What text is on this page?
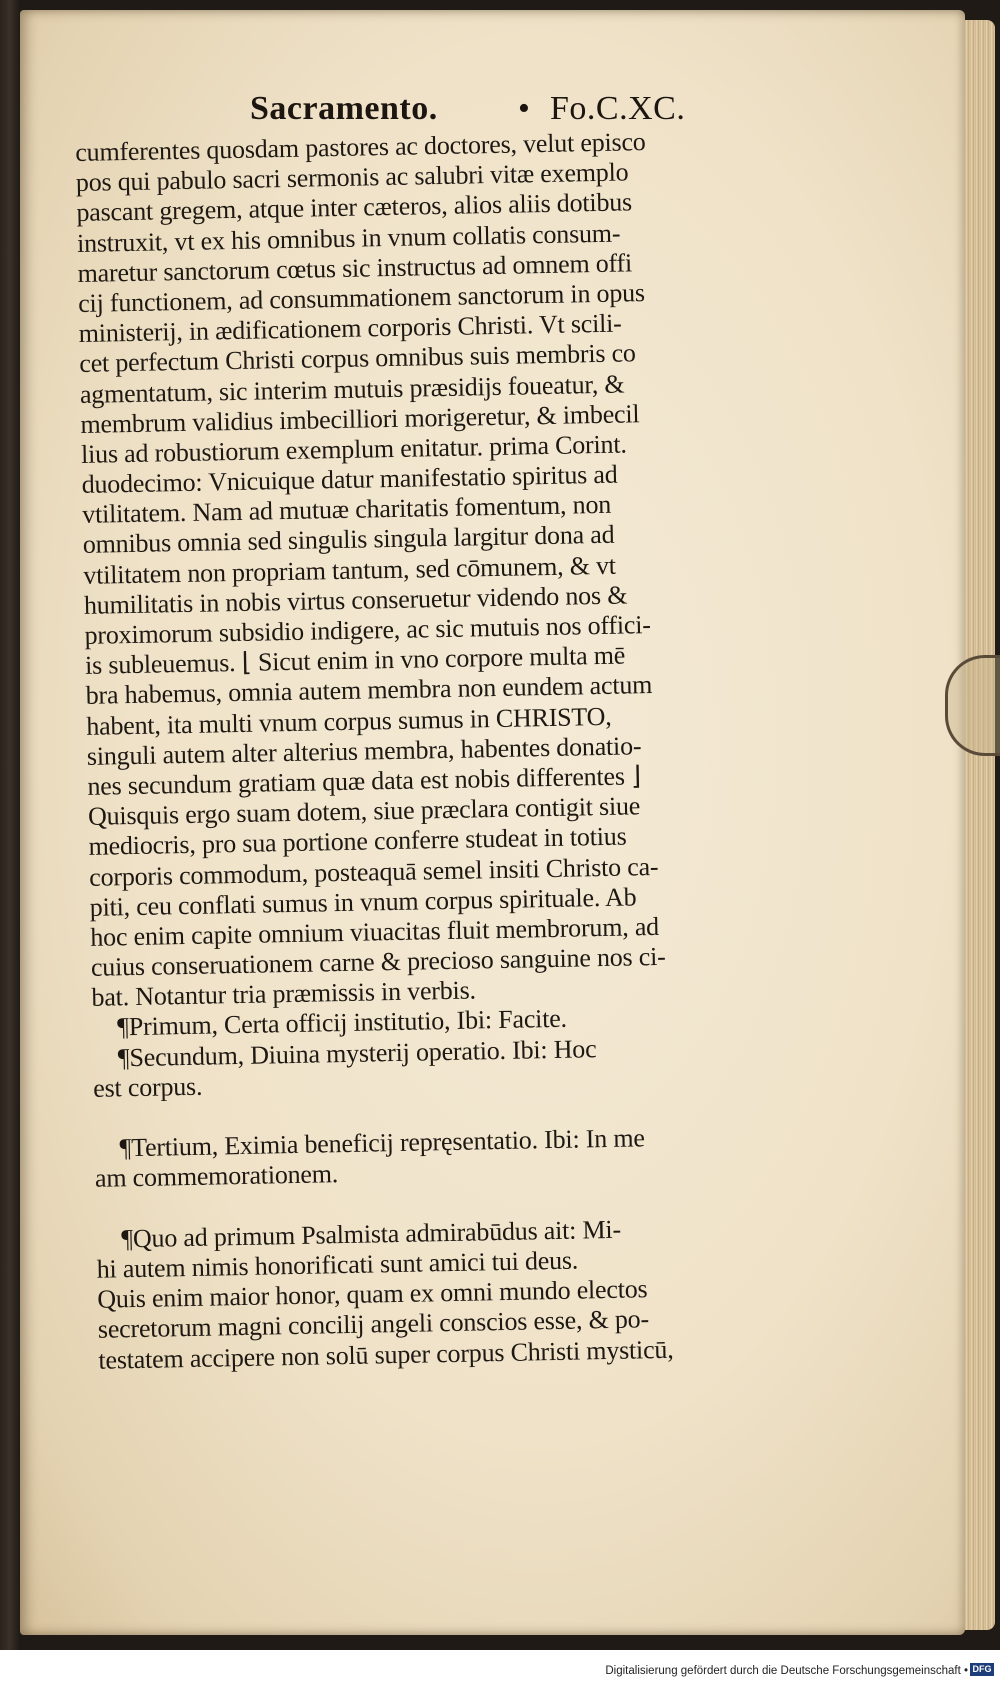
Sacramento. • Fo.C.XC.
cumferentes quosdam pastores ac doctores, velut episco
pos qui pabulo sacri sermonis ac salubri vitæ exemplo
pascant gregem, atque inter cæteros, alios aliis dotibus
instruxit, vt ex his omnibus in vnum collatis consum-
maretur sanctorum cœtus sic instructus ad omnem offi
cij functionem, ad consummationem sanctorum in opus
ministerij, in ædificationem corporis Christi. Vt scili-
cet perfectum Christi corpus omnibus suis membris co
agmentatum, sic interim mutuis præsidijs foueatur, &
membrum validius imbecilliori morigeretur, & imbecil
lius ad robustiorum exemplum enitatur. prima Corint.
duodecimo: Vnicuique datur manifestatio spiritus ad
vtilitatem. Nam ad mutuæ charitatis fomentum, non
omnibus omnia sed singulis singula largitur dona ad
vtilitatem non propriam tantum, sed cōmunem, & vt
humilitatis in nobis virtus conseruetur videndo nos &
proximorum subsidio indigere, ac sic mutuis nos offici-
is subleuemus. ⌊ Sicut enim in vno corpore multa mē
bra habemus, omnia autem membra non eundem actum
habent, ita multi vnum corpus sumus in CHRISTO,
singuli autem alter alterius membra, habentes donatio-
nes secundum gratiam quæ data est nobis differentes ⌋
Quisquis ergo suam dotem, siue præclara contigit siue
mediocris, pro sua portione conferre studeat in totius
corporis commodum, posteaquā semel insiti Christo ca-
piti, ceu conflati sumus in vnum corpus spirituale. Ab
hoc enim capite omnium viuacitas fluit membrorum, ad
cuius conseruationem carne & precioso sanguine nos ci-
bat. Notantur tria præmissis in verbis.
¶Primum, Certa officij institutio, Ibi: Facite.
¶Secundum, Diuina mysterij operatio. Ibi: Hoc
est corpus.
¶Tertium, Eximia beneficij repręsentatio. Ibi: In me
am commemorationem.
¶Quo ad primum Psalmista admirabūdus ait: Mi-
hi autem nimis honorificati sunt amici tui deus.
Quis enim maior honor, quam ex omni mundo electos
secretorum magni concilij angeli conscios esse, & po-
testatem accipere non solū super corpus Christi mysticū,
Digitalisierung gefördert durch die Deutsche Forschungsgemeinschaft • DFG
